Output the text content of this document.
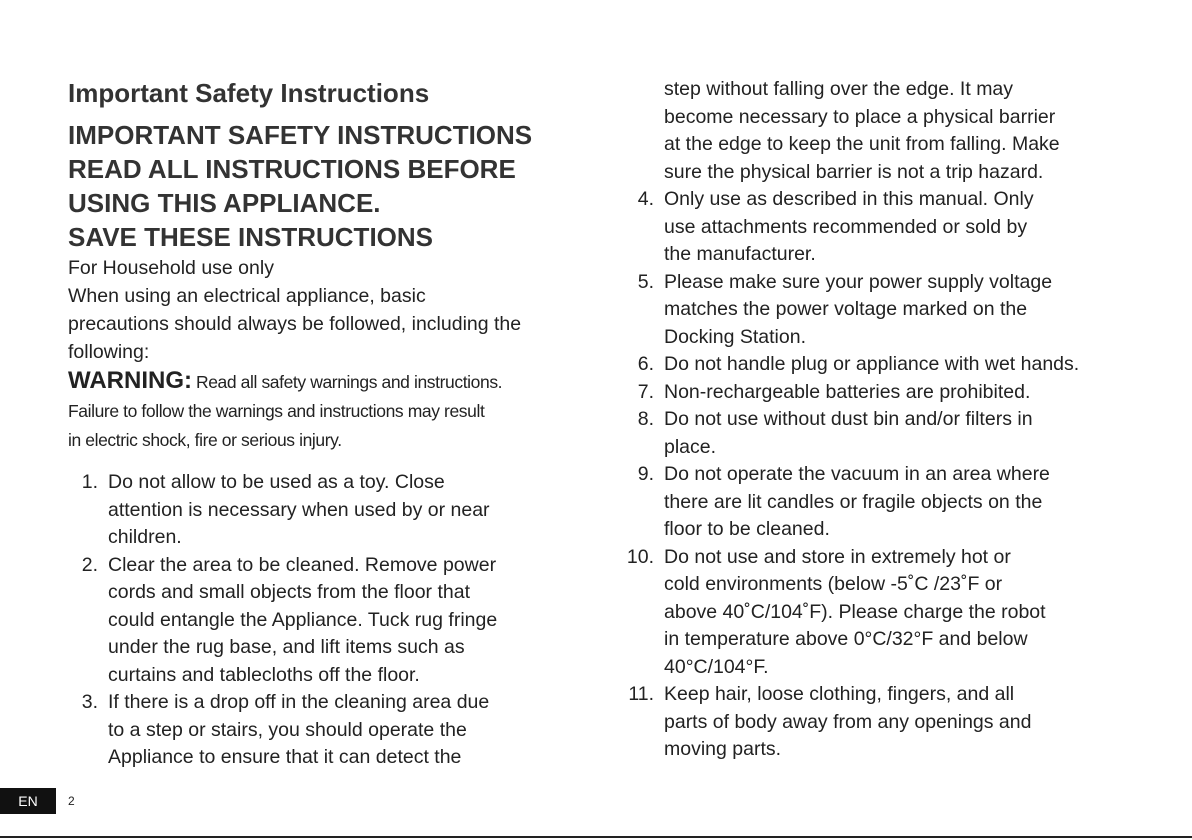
Important Safety Instructions

IMPORTANT SAFETY INSTRUCTIONS

READ ALL INSTRUCTIONS BEFORE

USING THIS APPLIANCE.

SAVE THESE INSTRUCTIONS

For Household use only

When using an electrical appliance, basic

precautions should always be followed, including the

following:

WARNING: Read all safety warnings and instructions.

Failure to follow the warnings and instructions may result

in electric shock, fire or serious injury.

1. Do not allow to be used as a toy. Close
attention is necessary when used by or near
children.
2. Clear the area to be cleaned. Remove power
cords and small objects from the floor that
could entangle the Appliance. Tuck rug fringe
under the rug base, and lift items such as
curtains and tablecloths off the floor.
3. If there is a drop off in the cleaning area due
to a step or stairs, you should operate the
Appliance to ensure that it can detect the

step without falling over the edge. It may

become necessary to place a physical barrier

at the edge to keep the unit from falling. Make

sure the physical barrier is not a trip hazard.

4. Only use as described in this manual. Only
use attachments recommended or sold by
the manufacturer.
5. Please make sure your power supply voltage
matches the power voltage marked on the
Docking Station.
6. Do not handle plug or appliance with wet hands.
7. Non-rechargeable batteries are prohibited.
8. Do not use without dust bin and/or filters in
place.
9. Do not operate the vacuum in an area where
there are lit candles or fragile objects on the
floor to be cleaned.
10. Do not use and store in extremely hot or
cold environments (below -5˚C /23˚F or
above 40˚C/104˚F). Please charge the robot
in temperature above 0°C/32°F and below
40°C/104°F.
11. Keep hair, loose clothing, fingers, and all
parts of body away from any openings and
moving parts.
EN	2
